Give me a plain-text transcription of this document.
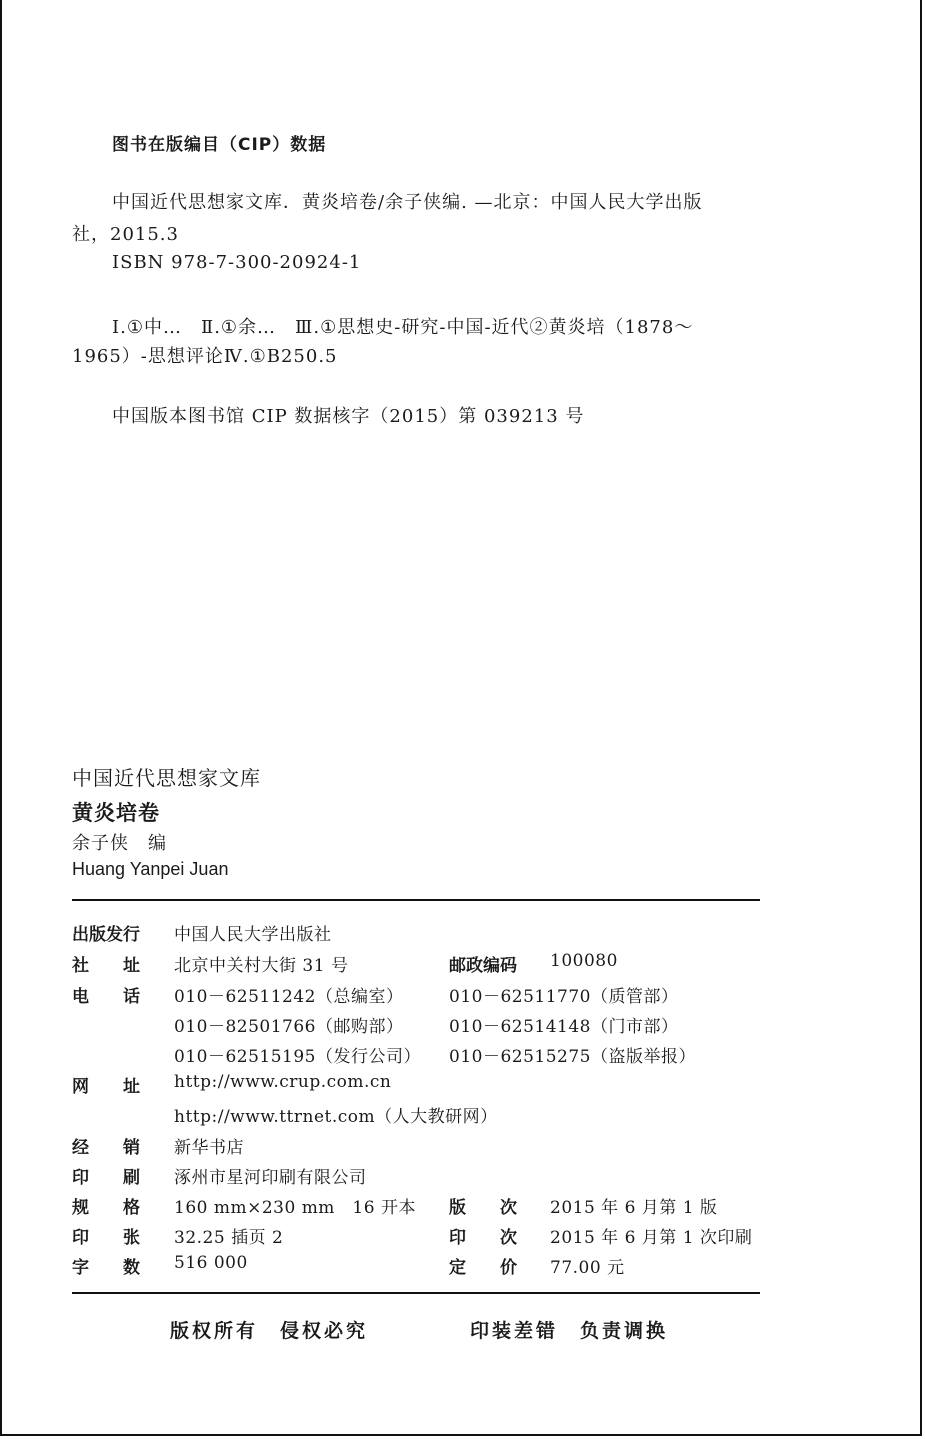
图书在版编目（CIP）数据
中国近代思想家文库．黄炎培卷/余子侠编. —北京：中国人民大学出版
社，2015.3
ISBN 978-7-300-20924-1
Ⅰ.①中…　Ⅱ.①余…　Ⅲ.①思想史-研究-中国-近代②黄炎培（1878～
1965）-思想评论Ⅳ.①B250.5
中国版本图书馆 CIP 数据核字（2015）第 039213 号
中国近代思想家文库
黄炎培卷
余子侠　编
Huang Yanpei Juan
出版发行 中国人民大学出版社
社　　址 北京中关村大街 31 号	邮政编码 100080
电　　话 010－62511242（总编室）	010－62511770（质管部）
010－82501766（邮购部）	010－62514148（门市部）
010－62515195（发行公司） 010－62515275（盗版举报）
网　　址 http://www.crup.com.cn
http://www.ttrnet.com（人大教研网）
经　　销 新华书店
印　　刷 涿州市星河印刷有限公司
规　　格 160 mm×230 mm　16 开本 版　　次 2015 年 6 月第 1 版
印　　张 32.25 插页 2	印　　次 2015 年 6 月第 1 次印刷
字　　数 516 000	定　　价 77.00 元
版权所有　侵权必究	印装差错　负责调换
